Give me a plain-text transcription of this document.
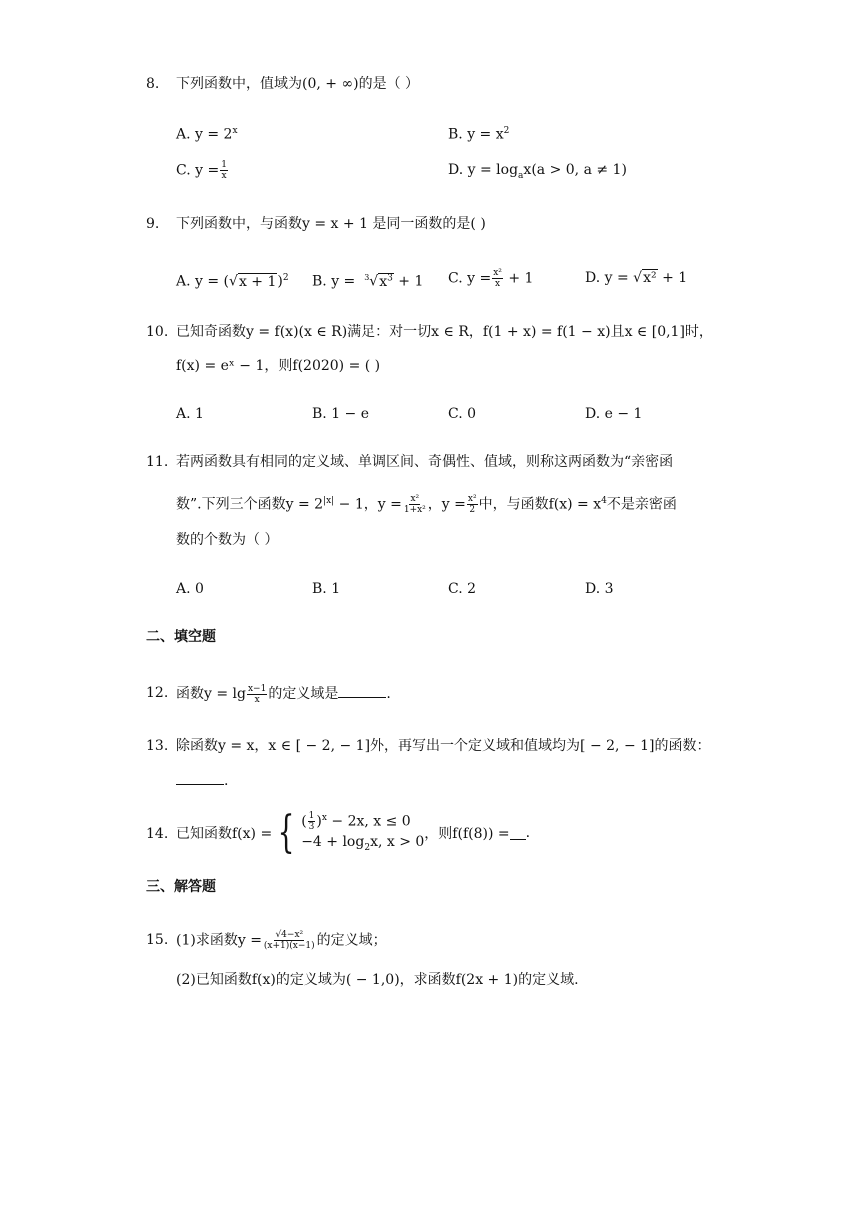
8. 下列函数中，值域为(0, + ∞)的是（ ）
A. $y = 2^x$	B. $y = x^2$
C. $y = \frac{1}{x}$	D. $y = \log_ax(a > 0$, a ≠ 1)
9. 下列函数中，与函数y = x + 1 是同一函数的是( )
A. $y = (√x + 1)^2$ B. $y = ^3√x^3 + 1$ C. $y = \frac{\text{x²}}{x} + 1$	D. y = √x² + 1
10. 已知奇函数y = f(x)(x ∈ R)满足：对一切x ∈ R，f(1 + x) = f(1 − x)且x ∈ [0,1]时，
f(x) = eˣ − 1，则f(2020) = ( )
A. 1	B. 1 − e	C. 0	D. e − 1
11. 若两函数具有相同的定义域、单调区间、奇偶性、值域，则称这两函数为“亲密函
数”.下列三个函数$y = 2^{|x|} - 1$，$y = \frac{\text{x²}}{\text{1+x²}}$ ，$y = \frac{\text{x²}}{2}$ 中，与函数$f(x) = x^4$不是亲密函
数的个数为（ ）
A. 0	B. 1	C. 2	D. 3
二、填空题
12. 函数$y = \lg \frac{x-1}{x}$ 的定义域是	.
13. 除函数y = x，x ∈ [ − 2, − 1]外，再写出一个定义域和值域均为[ − 2, − 1]的函数：
.
14. 已知函数f(x) = { ( $\frac{1}{3} )^x - 2x$, x ≤ 0
$-4 + \log_2x$, x > 0
，则f(f(8)) = .
三、解答题
15. (1)求函数$y = \frac{\text{√4−x²}}{(x+1)(x-1)}$ 的定义域；
(2)已知函数f(x)的定义域为( − 1,0)，求函数f(2x + 1)的定义域.
